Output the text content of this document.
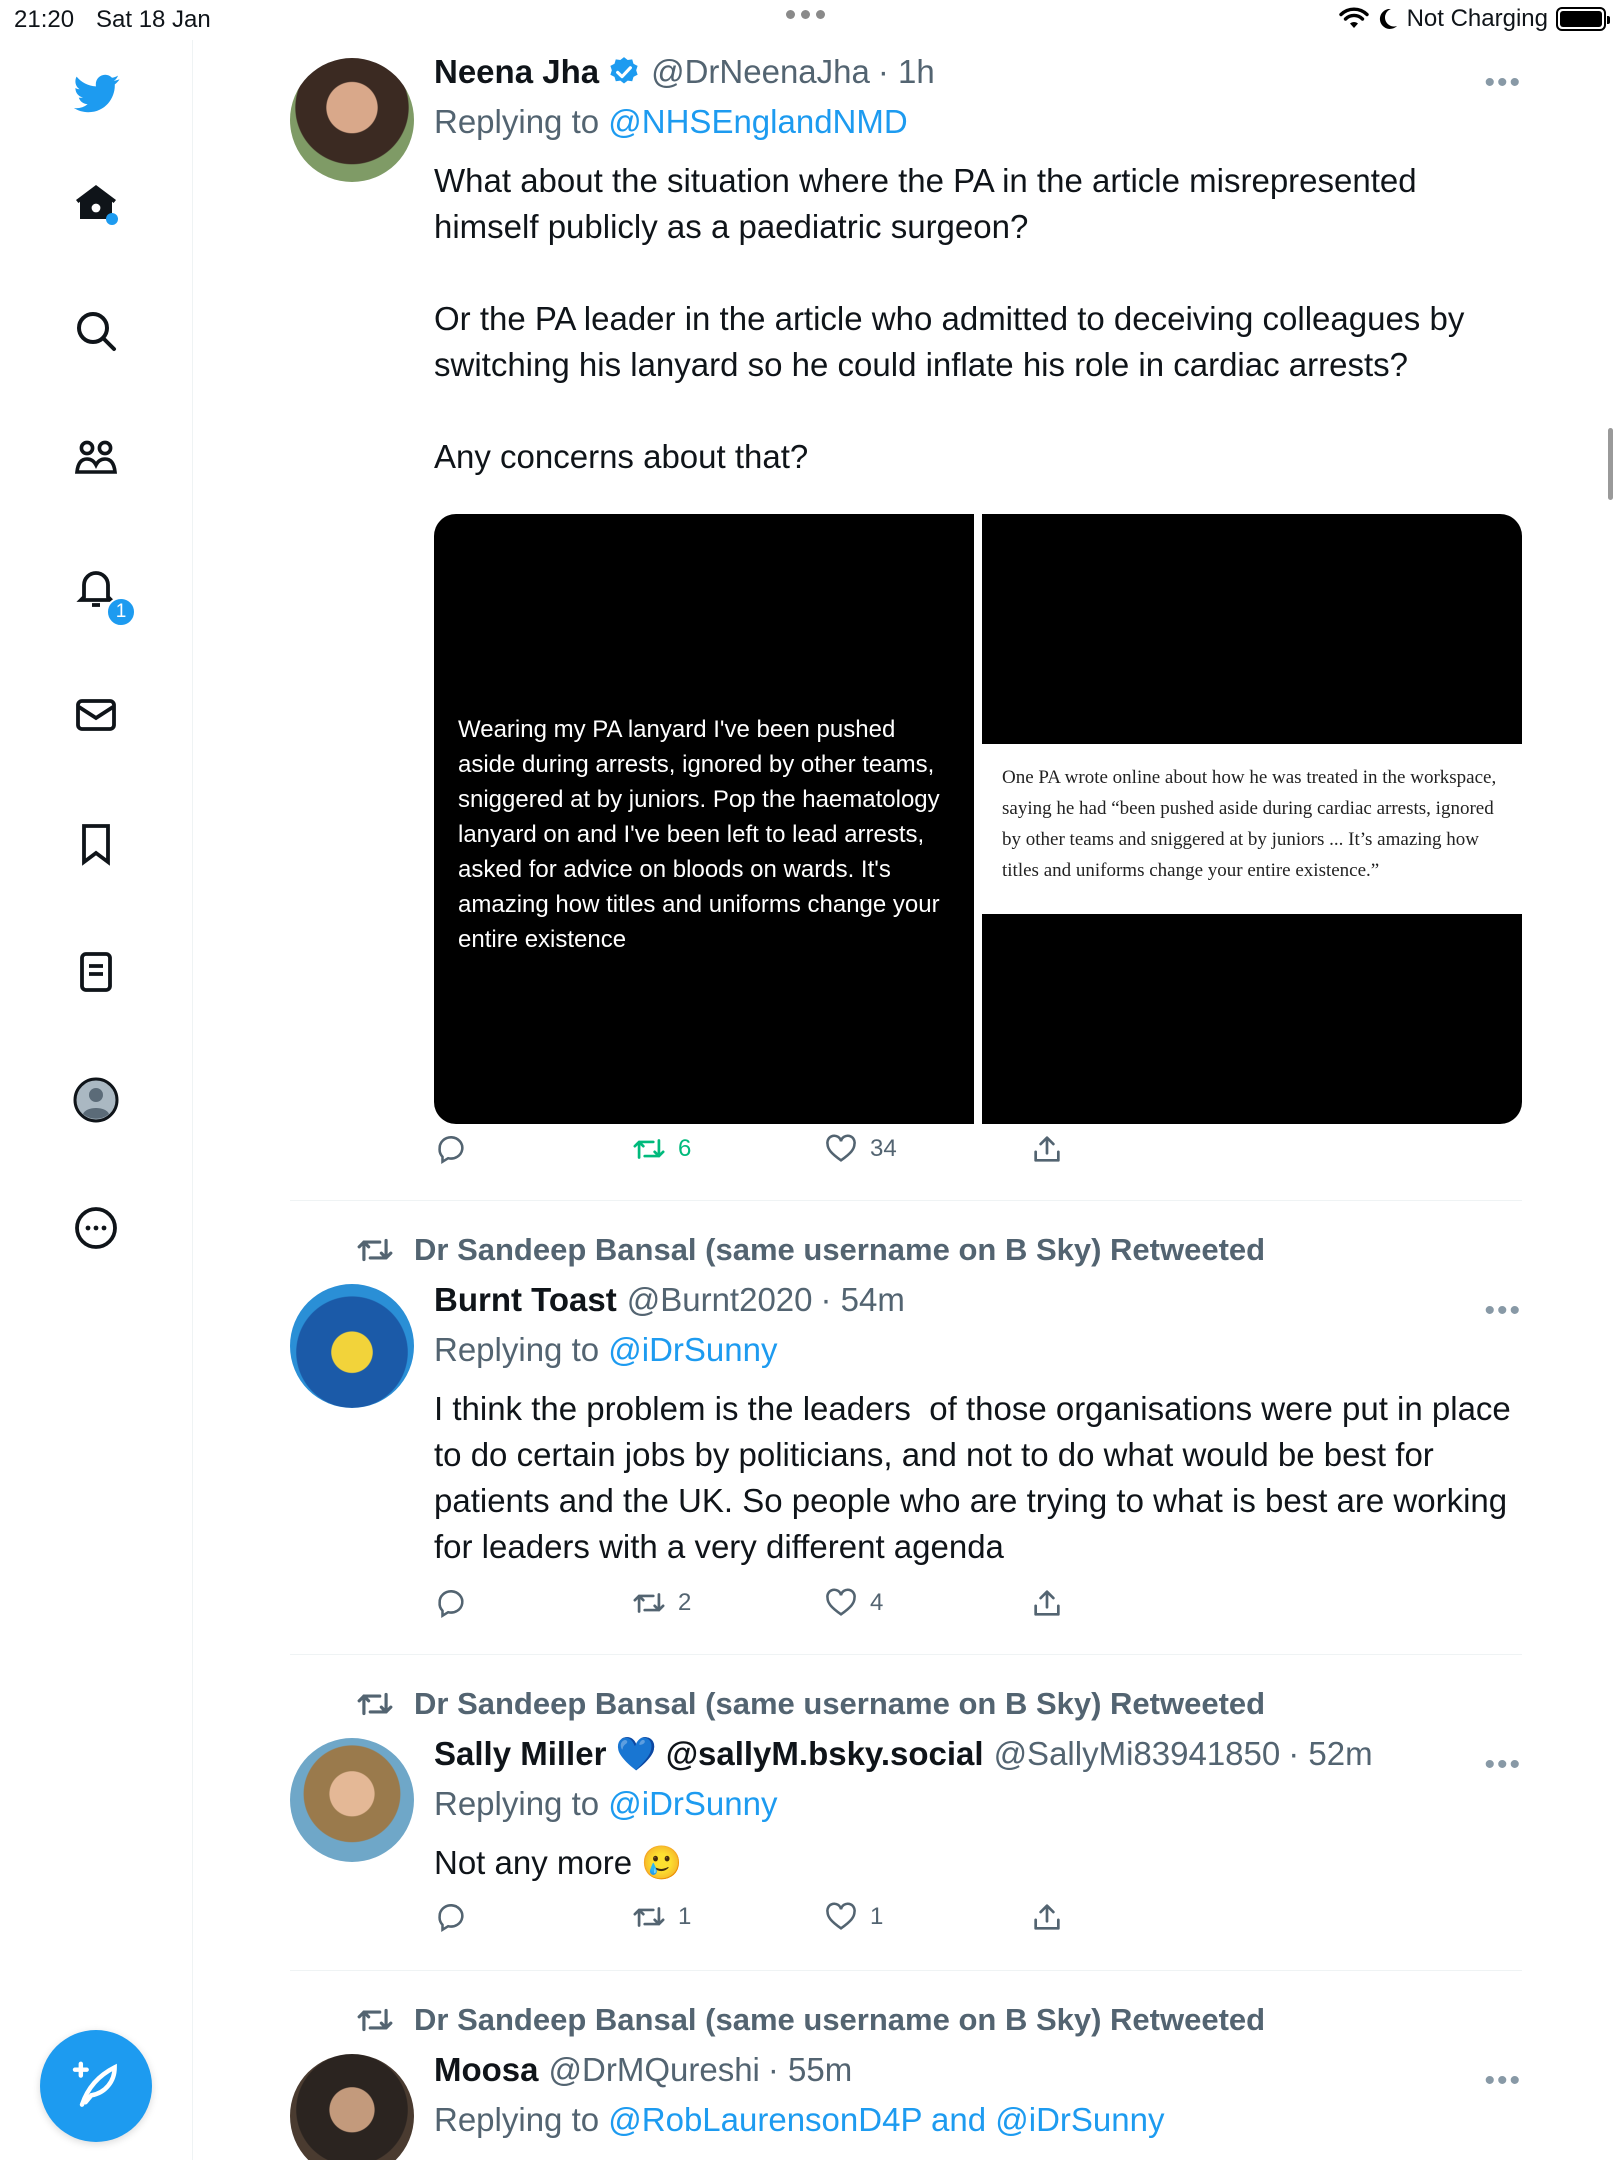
21:20 Sat 18 Jan	Not Charging
1
Neena Jha @DrNeenaJha · 1h	•••
Replying to @NHSEnglandNMD
What about the situation where the PA in the article misrepresented himself publicly as a paediatric surgeon?

Or the PA leader in the article who admitted to deceiving colleagues by switching his lanyard so he could inflate his role in cardiac arrests?

Any concerns about that?
Wearing my PA lanyard I've been pushed aside during arrests, ignored by other teams, sniggered at by juniors. Pop the haematology lanyard on and I've been left to lead arrests, asked for advice on bloods on wards. It's amazing how titles and uniforms change your entire existence
One PA wrote online about how he was treated in the workspace, saying he had “been pushed aside during cardiac arrests, ignored by other teams and sniggered at by juniors ... It’s amazing how titles and uniforms change your entire existence.”
6	34
Dr Sandeep Bansal (same username on B Sky) Retweeted
Burnt Toast @Burnt2020 · 54m	•••
Replying to @iDrSunny
I think the problem is the leaders  of those organisations were put in place to do certain jobs by politicians, and not to do what would be best for patients and the UK. So people who are trying to what is best are working for leaders with a very different agenda
2	4
Dr Sandeep Bansal (same username on B Sky) Retweeted
Sally Miller 💙 @sallyM.bsky.social @SallyMi83941850 · 52m	•••
Replying to @iDrSunny
Not any more 🥲
1	1
Dr Sandeep Bansal (same username on B Sky) Retweeted
Moosa @DrMQureshi · 55m	•••
Replying to @RobLaurensonD4P and @iDrSunny
